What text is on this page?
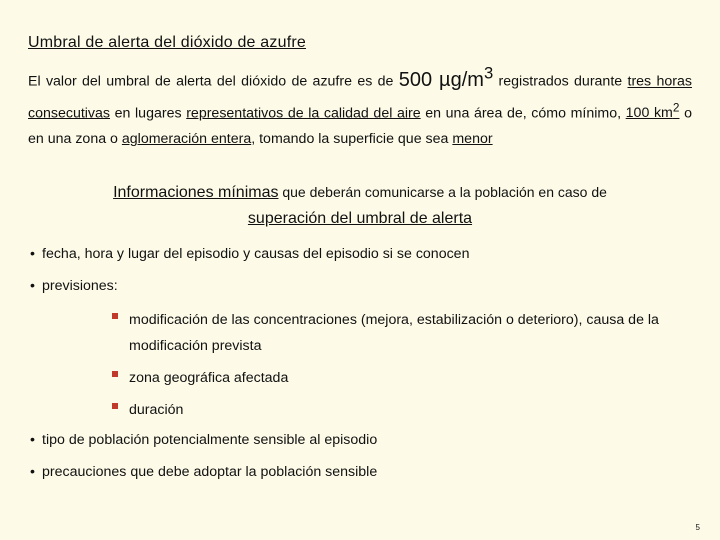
Umbral de alerta del dióxido de azufre
El valor del umbral de alerta del dióxido de azufre es de 500 $\mu g/m^3$ registrados durante tres horas consecutivas en lugares representativos de la calidad del aire en una área de, cómo mínimo, 100 $km^2$ o en una zona o aglomeración entera, tomando la superficie que sea menor
Informaciones mínimas que deberán comunicarse a la población en caso de
superación del umbral de alerta
• fecha, hora y lugar del episodio y causas del episodio si se conocen
• previsiones:
modificación de las concentraciones (mejora, estabilización o deterioro), causa de la modificación prevista
zona geográfica afectada
duración
• tipo de población potencialmente sensible al episodio
• precauciones que debe adoptar la población sensible
5
